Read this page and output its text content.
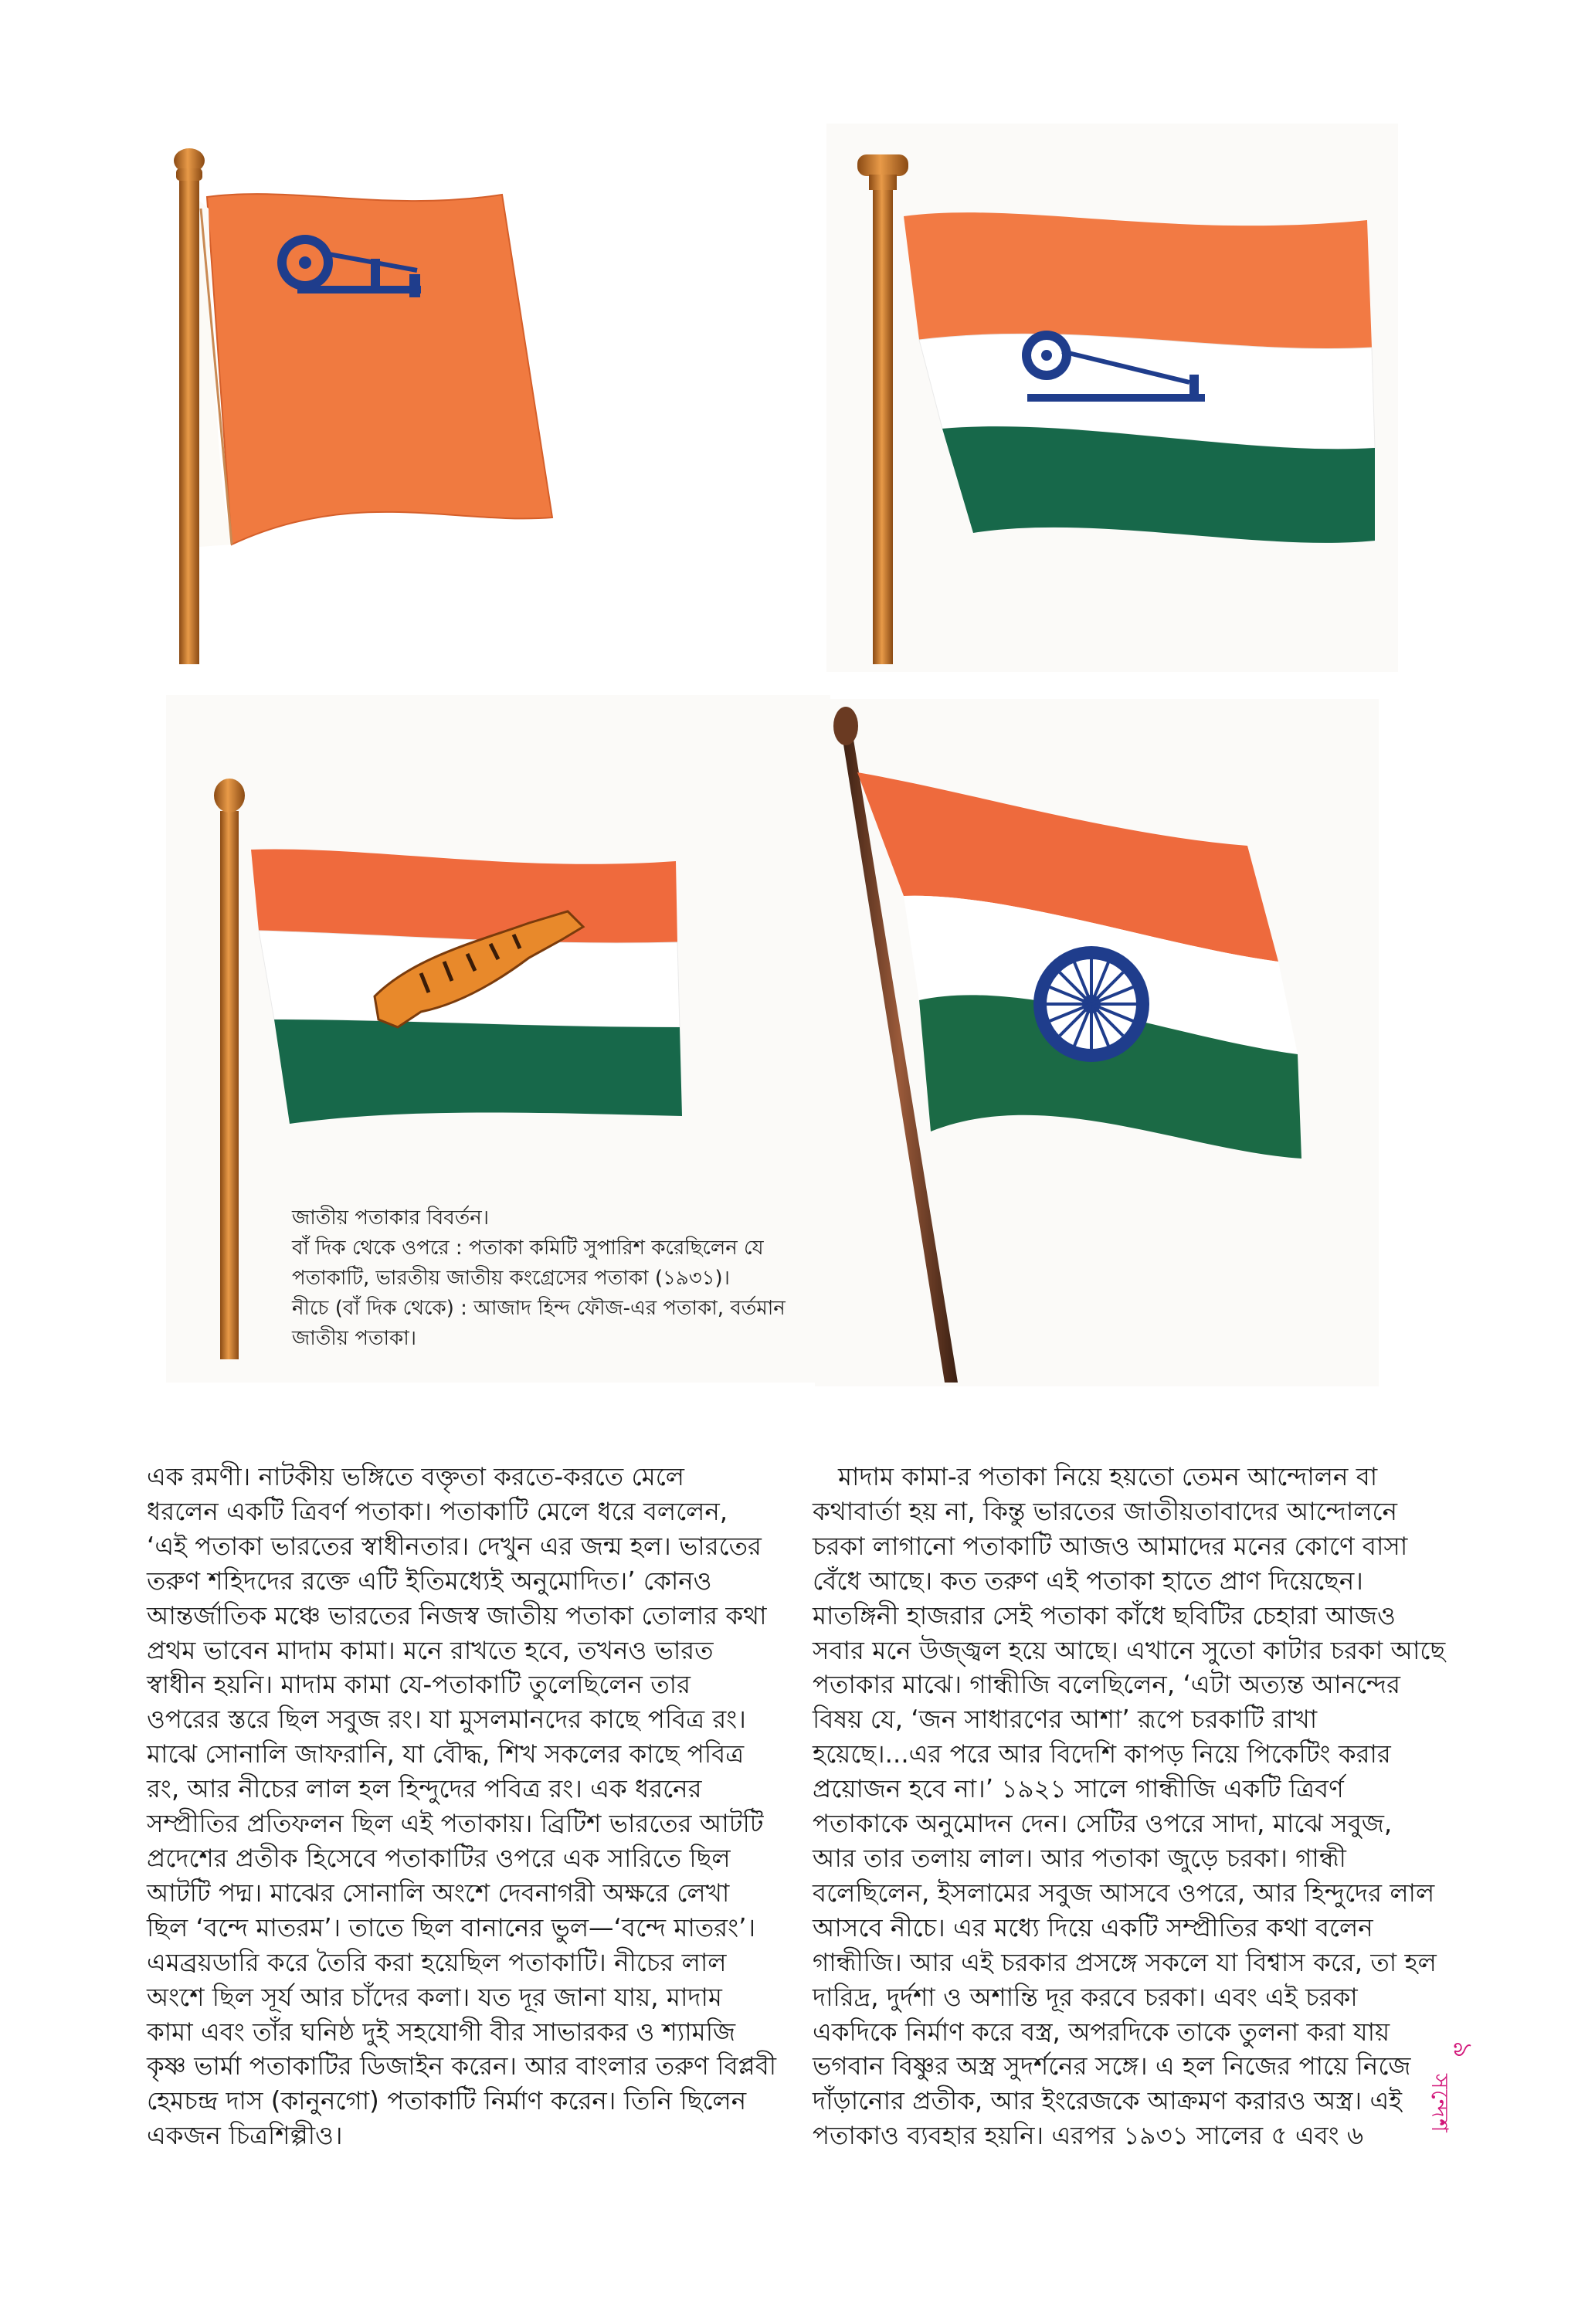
জাতীয় পতাকার বিবর্তন।
বাঁ দিক থেকে ওপরে : পতাকা কমিটি সুপারিশ করেছিলেন যে
পতাকাটি, ভারতীয় জাতীয় কংগ্রেসের পতাকা (১৯৩১)।
নীচে (বাঁ দিক থেকে) : আজাদ হিন্দ ফৌজ-এর পতাকা, বর্তমান
জাতীয় পতাকা।
এক রমণী। নাটকীয় ভঙ্গিতে বক্তৃতা করতে-করতে মেলে
ধরলেন একটি ত্রিবর্ণ পতাকা। পতাকাটি মেলে ধরে বললেন,
‘এই পতাকা ভারতের স্বাধীনতার। দেখুন এর জন্ম হল। ভারতের
তরুণ শহিদদের রক্তে এটি ইতিমধ্যেই অনুমোদিত।’ কোনও
আন্তর্জাতিক মঞ্চে ভারতের নিজস্ব জাতীয় পতাকা তোলার কথা
প্রথম ভাবেন মাদাম কামা। মনে রাখতে হবে, তখনও ভারত
স্বাধীন হয়নি। মাদাম কামা যে-পতাকাটি তুলেছিলেন তার
ওপরের স্তরে ছিল সবুজ রং। যা মুসলমানদের কাছে পবিত্র রং।
মাঝে সোনালি জাফরানি, যা বৌদ্ধ, শিখ সকলের কাছে পবিত্র
রং, আর নীচের লাল হল হিন্দুদের পবিত্র রং। এক ধরনের
সম্প্রীতির প্রতিফলন ছিল এই পতাকায়। ব্রিটিশ ভারতের আটটি
প্রদেশের প্রতীক হিসেবে পতাকাটির ওপরে এক সারিতে ছিল
আটটি পদ্ম। মাঝের সোনালি অংশে দেবনাগরী অক্ষরে লেখা
ছিল ‘বন্দে মাতরম’। তাতে ছিল বানানের ভুল—‘বন্দে মাতরং’।
এমব্রয়ডারি করে তৈরি করা হয়েছিল পতাকাটি। নীচের লাল
অংশে ছিল সূর্য আর চাঁদের কলা। যত দূর জানা যায়, মাদাম
কামা এবং তাঁর ঘনিষ্ঠ দুই সহযোগী বীর সাভারকর ও শ্যামজি
কৃষ্ণ ভার্মা পতাকাটির ডিজাইন করেন। আর বাংলার তরুণ বিপ্লবী
হেমচন্দ্র দাস (কানুনগো) পতাকাটি নির্মাণ করেন। তিনি ছিলেন
একজন চিত্রশিল্পীও।
মাদাম কামা-র পতাকা নিয়ে হয়তো তেমন আন্দোলন বা
কথাবার্তা হয় না, কিন্তু ভারতের জাতীয়তাবাদের আন্দোলনে
চরকা লাগানো পতাকাটি আজও আমাদের মনের কোণে বাসা
বেঁধে আছে। কত তরুণ এই পতাকা হাতে প্রাণ দিয়েছেন।
মাতঙ্গিনী হাজরার সেই পতাকা কাঁধে ছবিটির চেহারা আজও
সবার মনে উজ্জ্বল হয়ে আছে। এখানে সুতো কাটার চরকা আছে
পতাকার মাঝে। গান্ধীজি বলেছিলেন, ‘এটা অত্যন্ত আনন্দের
বিষয় যে, ‘জন সাধারণের আশা’ রূপে চরকাটি রাখা
হয়েছে।...এর পরে আর বিদেশি কাপড় নিয়ে পিকেটিং করার
প্রয়োজন হবে না।’ ১৯২১ সালে গান্ধীজি একটি ত্রিবর্ণ
পতাকাকে অনুমোদন দেন। সেটির ওপরে সাদা, মাঝে সবুজ,
আর তার তলায় লাল। আর পতাকা জুড়ে চরকা। গান্ধী
বলেছিলেন, ইসলামের সবুজ আসবে ওপরে, আর হিন্দুদের লাল
আসবে নীচে। এর মধ্যে দিয়ে একটি সম্প্রীতির কথা বলেন
গান্ধীজি। আর এই চরকার প্রসঙ্গে সকলে যা বিশ্বাস করে, তা হল
দারিদ্র, দুর্দশা ও অশান্তি দূর করবে চরকা। এবং এই চরকা
একদিকে নির্মাণ করে বস্ত্র, অপরদিকে তাকে তুলনা করা যায়
ভগবান বিষ্ণুর অস্ত্র সুদর্শনের সঙ্গে। এ হল নিজের পায়ে নিজে
দাঁড়ানোর প্রতীক, আর ইংরেজকে আক্রমণ করারও অস্ত্র। এই
পতাকাও ব্যবহার হয়নি। এরপর ১৯৩১ সালের ৫ এবং ৬
৯
সন্দেশ
